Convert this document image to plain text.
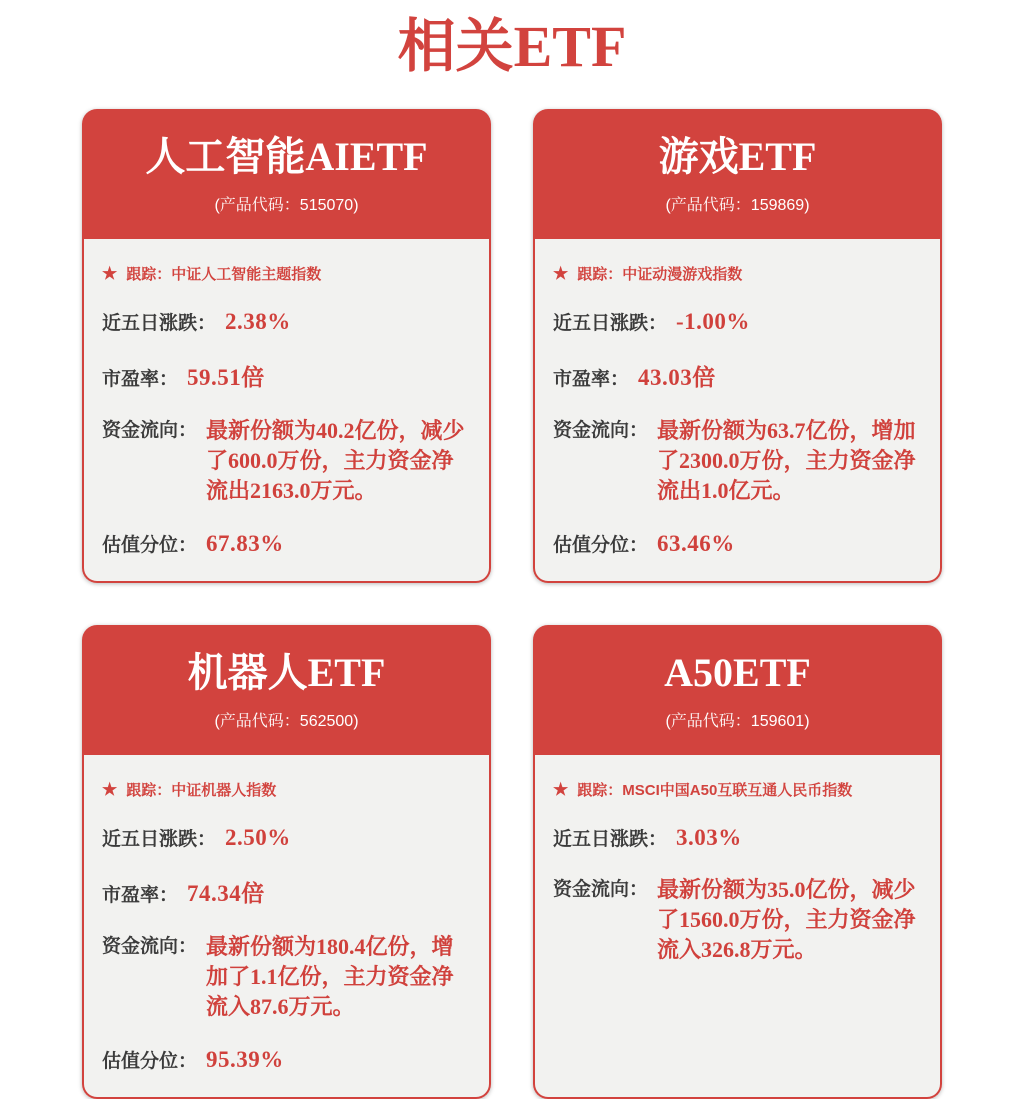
相关ETF
人工智能AIETF
(产品代码：515070)
★ 跟踪： 中证人工智能主题指数
近五日涨跌： 2.38%
市盈率： 59.51倍
资金流向： 最新份额为40.2亿份，减少了600.0万份，主力资金净流出2163.0万元。
估值分位： 67.83%
游戏ETF
(产品代码：159869)
★ 跟踪： 中证动漫游戏指数
近五日涨跌： -1.00%
市盈率： 43.03倍
资金流向： 最新份额为63.7亿份，增加了2300.0万份，主力资金净流出1.0亿元。
估值分位： 63.46%
机器人ETF
(产品代码：562500)
★ 跟踪： 中证机器人指数
近五日涨跌： 2.50%
市盈率： 74.34倍
资金流向： 最新份额为180.4亿份，增加了1.1亿份，主力资金净流入87.6万元。
估值分位： 95.39%
A50ETF
(产品代码：159601)
★ 跟踪： MSCI中国A50互联互通人民币指数
近五日涨跌： 3.03%
资金流向： 最新份额为35.0亿份，减少了1560.0万份，主力资金净流入326.8万元。
